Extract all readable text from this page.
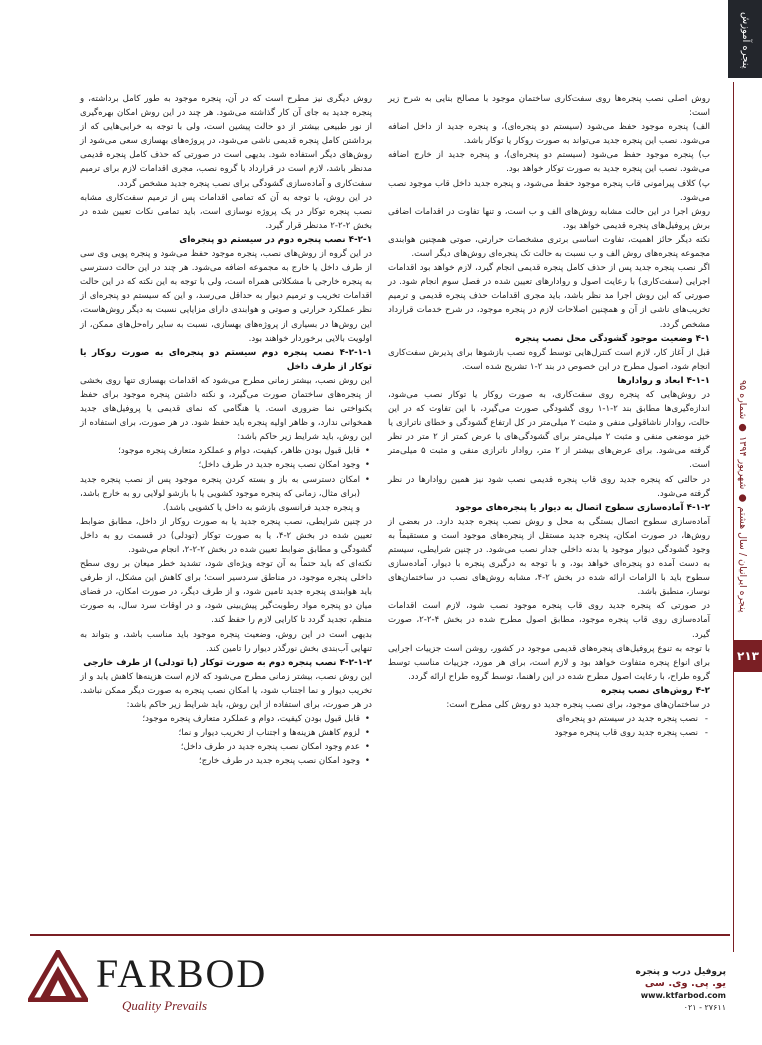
پنجره آموزش
پنجره ایرانیان / سال هشتم ● شهریور ۱۳۹۴ ● شماره ۹۵
۲۱۳

روش اصلی نصب پنجره‌ها روی سفت‌کاری ساختمان موجود با مصالح بنایی به شرح زیر است:

الف) پنجره موجود حفظ می‌شود (سیستم دو پنجره‌ای)، و پنجره جدید از داخل اضافه می‌شود. نصب این پنجره جدید می‌تواند به صورت روکار یا توکار باشد.

ب) پنجره موجود حفظ می‌شود (سیستم دو پنجره‌ای)، و پنجره جدید از خارج اضافه می‌شود. نصب این پنجره جدید به صورت توکار خواهد بود.

پ) کلاف پیرامونی قاب پنجره موجود حفظ می‌شود، و پنجره جدید داخل قاب موجود نصب می‌شود.

روش اجرا در این حالت مشابه روش‌های الف و ب است، و تنها تفاوت در اقدامات اضافی برش پروفیل‌های پنجره قدیمی خواهد بود.

نکته دیگر حائز اهمیت، تفاوت اساسی برتری مشخصات حرارتی، صوتی همچنین هوابندی مجموعه پنجره‌های روش الف و ب نسبت به حالت تک پنجره‌ای روش‌های دیگر است.

اگر نصب پنجره جدید پس از حذف کامل پنجره قدیمی انجام گیرد، لازم خواهد بود اقدامات اجرایی (سفت‌کاری) با رعایت اصول و روادارهای تعیین شده در فصل سوم انجام شود. در صورتی که این روش اجرا مد نظر باشد، باید مجری اقدامات حذف پنجره قدیمی و ترمیم تخریب‌های ناشی از آن و همچنین اصلاحات لازم در پنجره موجود، در شرح خدمات قرارداد مشخص گردد.

۴-۱ وضعیت موجود گشودگی محل نصب پنجره

قبل از آغاز کار، لازم است کنترل‌هایی توسط گروه نصب بازشوها برای پذیرش سفت‌کاری انجام شود، اصول مطرح در این خصوص در بند ۲-۱ تشریح شده است.

۴-۱-۱ ابعاد و روادارها

در روش‌هایی که پنجره روی سفت‌کاری، به صورت روکار یا توکار نصب می‌شود، اندازه‌گیری‌ها مطابق بند ۲-۱-۱ روی گشودگی صورت می‌گیرد، با این تفاوت که در این حالت، روادار ناشاقولی منفی و مثبت ۲ میلی‌متر در کل ارتفاع گشودگی و خطای ناترازی یا خیز موضعی منفی و مثبت ۲ میلی‌متر برای گشودگی‌های با عرض کمتر از ۲ متر در نظر گرفته می‌شود. برای عرض‌های بیشتر از ۲ متر، روادار ناترازی منفی و مثبت ۵ میلی‌متر است.

در حالتی که پنجره جدید روی قاب پنجره قدیمی نصب شود نیز همین روادارها در نظر گرفته می‌شود.

۴-۱-۲ آماده‌سازی سطوح اتصال به دیوار یا پنجره‌های موجود

آماده‌سازی سطوح اتصال بستگی به محل و روش نصب پنجره جدید دارد. در بعضی از روش‌ها، در صورت امکان، پنجره جدید مستقل از پنجره‌های موجود است و مستقیماً به وجود گشودگی دیوار موجود یا بدنه داخلی جدار نصب می‌شود. در چنین شرایطی، سیستم به دست آمده دو پنجره‌ای خواهد بود، و با توجه به درگیری پنجره با دیوار، آماده‌سازی سطوح باید با الزامات ارائه شده در بخش ۲-۴، مشابه روش‌های نصب در ساختمان‌های نوساز، منطبق باشد.

در صورتی که پنجره جدید روی قاب پنجره موجود نصب شود، لازم است اقدامات آماده‌سازی روی قاب پنجره موجود، مطابق اصول مطرح شده در بخش ۴-۲-۲، صورت گیرد.

با توجه به تنوع پروفیل‌های پنجره‌های قدیمی موجود در کشور، روشن است جزییات اجرایی برای انواع پنجره متفاوت خواهد بود و لازم است، برای هر مورد، جزییات مناسب توسط گروه طراح، با رعایت اصول مطرح شده در این راهنما، توسط گروه طراح ارائه گردد.

۴-۲ روش‌های نصب پنجره

در ساختمان‌های موجود، برای نصب پنجره جدید دو روش کلی مطرح است:

- نصب پنجره جدید در سیستم دو پنجره‌ای
- نصب پنجره جدید روی قاب پنجره موجود

روش دیگری نیز مطرح است که در آن، پنجره موجود به طور کامل برداشته، و پنجره جدید به جای آن کار گذاشته می‌شود. هر چند در این روش امکان بهره‌گیری از نور طبیعی بیشتر از دو حالت پیشین است، ولی با توجه به خرابی‌هایی که از برداشتن کامل پنجره قدیمی ناشی می‌شود، در پروژه‌های بهسازی سعی می‌شود از روش‌های دیگر استفاده شود. بدیهی است در صورتی که حذف کامل پنجره قدیمی مدنظر باشد، لازم است در قرارداد با گروه نصب، مجری اقدامات لازم برای ترمیم سفت‌کاری و آماده‌سازی گشودگی برای نصب پنجره جدید مشخص گردد.

در این روش، با توجه به آن که تمامی اقدامات پس از ترمیم سفت‌کاری مشابه نصب پنجره توکار در یک پروژه نوسازی است، باید تمامی نکات تعیین شده در بخش ۲-۲-۲ مدنظر قرار گیرد.

۴-۲-۱ نصب پنجره دوم در سیستم دو پنجره‌ای

در این گروه از روش‌های نصب، پنجره موجود حفظ می‌شود و پنجره پویی وی سی از طرف داخل یا خارج به مجموعه اضافه می‌شود. هر چند در این حالت دسترسی به پنجره خارجی با مشکلاتی همراه است، ولی با توجه به این نکته که در این حالت اقدامات تخریب و ترمیم دیوار به حداقل می‌رسد، و این که سیستم دو پنجره‌ای از نظر عملکرد حرارتی و صوتی و هوابندی دارای مزایایی نسبت به دیگر روش‌هاست، این روش‌ها در بسیاری از پروژه‌های بهسازی، نسبت به سایر راه‌حل‌های ممکن، از اولویت بالایی برخوردار خواهند بود.

۴-۲-۱-۱ نصب پنجره دوم سیستم دو پنجره‌ای به صورت روکار یا توکار از طرف داخل

این روش نصب، بیشتر زمانی مطرح می‌شود که اقدامات بهسازی تنها روی بخشی از پنجره‌های ساختمان صورت می‌گیرد، و نکته داشتن پنجره موجود برای حفظ یکنواختی نما ضروری است. یا هنگامی که نمای قدیمی یا پروفیل‌های جدید همخوانی ندارد، و ظاهر اولیه پنجره باید حفظ شود. در هر صورت، برای استفاده از این روش، باید شرایط زیر حاکم باشد:

• قابل قبول بودن ظاهر، کیفیت، دوام و عملکرد متعارف پنجره موجود؛
• وجود امکان نصب پنجره جدید در طرف داخل؛
• امکان دسترسی به باز و بسته کردن پنجره موجود پس از نصب پنجره جدید (برای مثال، زمانی که پنجره موجود کشویی یا با بازشو لولایی رو به خارج باشد، و پنجره جدید فرانسوی بازشو به داخل یا کشویی باشد).

در چنین شرایطی، نصب پنجره جدید یا به صورت روکار از داخل، مطابق ضوابط تعیین شده در بخش ۲-۴، یا به صورت توکار (تودلی) در قسمت رو به داخل گشودگی و مطابق ضوابط تعیین شده در بخش ۲-۲-۲، انجام می‌شود.

نکته‌ای که باید حتماً به آن توجه ویژه‌ای شود، تشدید خطر میعان بر روی سطح داخلی پنجره موجود، در مناطق سردسیر است؛ برای کاهش این مشکل، از طرفی باید هوابندی پنجره جدید تامین شود، و از طرف دیگر، در صورت امکان، در فضای میان دو پنجره مواد رطوبت‌گیر پیش‌بینی شود، و در اوقات سرد سال، به صورت منظم، تجدید گردد تا کارایی لازم را حفظ کند.

بدیهی است در این روش، وضعیت پنجره موجود باید مناسب باشد، و بتواند به تنهایی آب‌بندی بخش نورگذر دیوار را تامین کند.

۴-۲-۱-۲ نصب پنجره دوم به صورت توکار (یا تودلی) از طرف خارجی

این روش نصب، بیشتر زمانی مطرح می‌شود که لازم است هزینه‌ها کاهش یابد و از تخریب دیوار و نما اجتناب شود، یا امکان نصب پنجره به صورت دیگر ممکن نباشد. در هر صورت، برای استفاده از این روش، باید شرایط زیر حاکم باشد:

• قابل قبول بودن کیفیت، دوام و عملکرد متعارف پنجره موجود؛
• لزوم کاهش هزینه‌ها و اجتناب از تخریب دیوار و نما؛
• عدم وجود امکان نصب پنجره جدید در طرف داخل؛
• وجود امکان نصب پنجره جدید در طرف خارج؛
FARBOD
Quality Prevails
پروفیل درب و پنجره
یو. پی. وی. سی
www.ktfarbod.com
۰۲۱ - ۲۷۶۱۱
